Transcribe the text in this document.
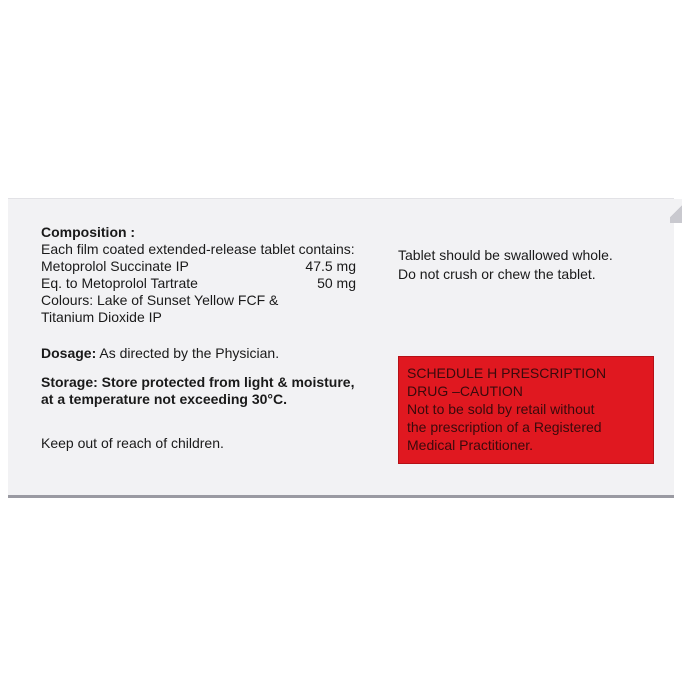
Composition :
Each film coated extended-release tablet contains:
Metoprolol Succinate IP	47.5 mg
Eq. to Metoprolol Tartrate	50 mg
Colours: Lake of Sunset Yellow FCF &
Titanium Dioxide IP
Dosage: As directed by the Physician.
Storage: Store protected from light & moisture,
at a temperature not exceeding 30°C.
Keep out of reach of children.
Tablet should be swallowed whole.
Do not crush or chew the tablet.
SCHEDULE H PRESCRIPTION
DRUG –CAUTION
Not to be sold by retail without
the prescription of a Registered
Medical Practitioner.
